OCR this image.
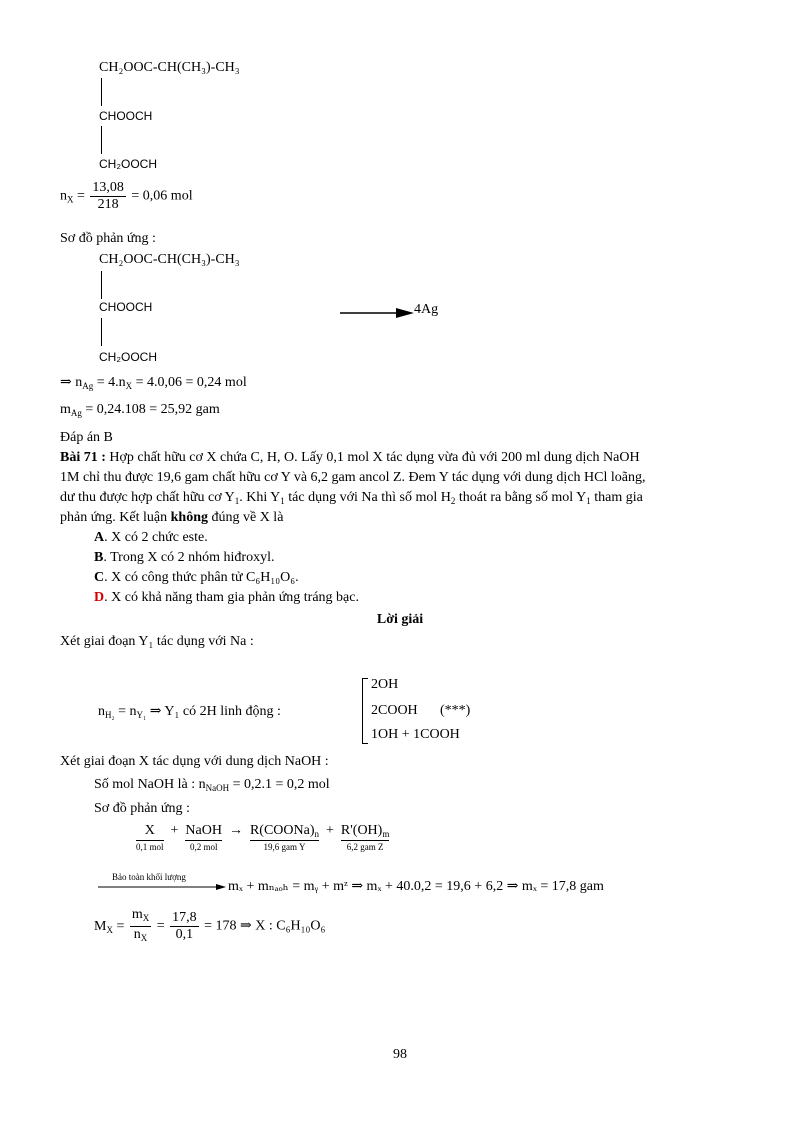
CH₂OOC-CH(CH₃)-CH₃
CHOOCH
CH₂OOCH
$n_X = \frac{13,08}{218} = 0,06$ mol
Sơ đồ phản ứng :
CH₂OOC-CH(CH₃)-CH₃
CHOOCH
CH₂OOCH
4Ag
⇒ $n_{Ag} = 4.n_X = 4.0,06 = 0,24$ mol
$m_{Ag} = 0,24.108 = 25,92$ gam
Đáp án B
Bài 71 : Hợp chất hữu cơ X chứa C, H, O. Lấy 0,1 mol X tác dụng vừa đủ với 200 ml dung dịch NaOH
1M chỉ thu được 19,6 gam chất hữu cơ Y và 6,2 gam ancol Z. Đem Y tác dụng với dung dịch HCl loãng,
dư thu được hợp chất hữu cơ $Y_1$. Khi $Y_1$ tác dụng với Na thì số mol $H_2$ thoát ra bằng số mol $Y_1$ tham gia
phản ứng. Kết luận không đúng về X là
A. X có 2 chức este.
B. Trong X có 2 nhóm hiđroxyl.
C. X có công thức phân tử C₆H₁₀O₆.
D. X có khả năng tham gia phản ứng tráng bạc.
Lời giải
Xét giai đoạn Y₁ tác dụng với Na :
$n_{H_2} = n_{Y_1}$ ⇒ Y₁ có 2H linh động :
2OH
2COOH
1OH + 1COOH
(***)
Xét giai đoạn X tác dụng với dung dịch NaOH :
Số mol NaOH là : $n_{NaOH} = 0,2.1 = 0,2$ mol
Sơ đồ phản ứng :
X
0,1 mol
+ NaOH
0,2 mol
→ $R(COONa)_n$
19,6 gam Y
+ $R'(OH)_m$
6,2 gam Z
Bảo toàn khối lượng
mₓ + mₙₐₒₕ = mᵧ + mᶻ ⇒ mₓ + 40.0,2 = 19,6 + 6,2 ⇒ mₓ = 17,8 gam
$M_X = \frac{m_X}{n_X} = \frac{17,8}{0,1} = 178$ ⇒ X : C₆H₁₀O₆
98
